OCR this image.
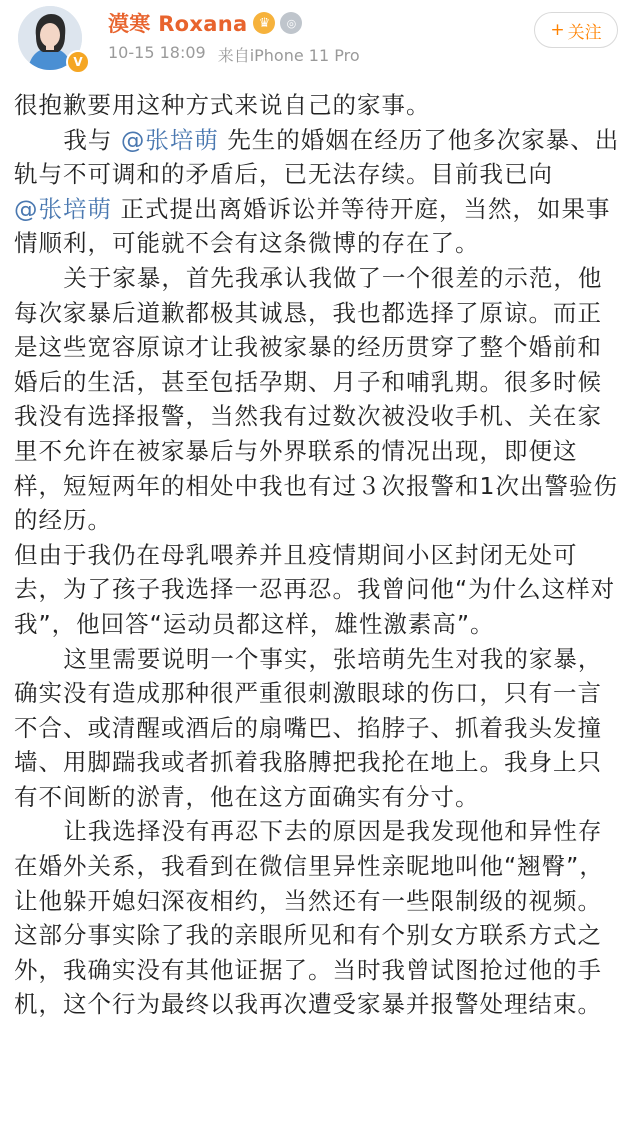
V
漠寒 Roxana ♛	◎
10-15 18:09 来自iPhone 11 Pro
+ 关注

很抱歉要用这种方式来说自己的家事。

我与 @张培萌 先生的婚姻在经历了他多次家暴、出轨与不可调和的矛盾后，已无法存续。目前我已向
@张培萌 正式提出离婚诉讼并等待开庭，当然，如果事情顺利，可能就不会有这条微博的存在了。

关于家暴，首先我承认我做了一个很差的示范，他每次家暴后道歉都极其诚恳，我也都选择了原谅。而正是这些宽容原谅才让我被家暴的经历贯穿了整个婚前和婚后的生活，甚至包括孕期、月子和哺乳期。很多时候我没有选择报警，当然我有过数次被没收手机、关在家里不允许在被家暴后与外界联系的情况出现，即便这样，短短两年的相处中我也有过３次报警和1次出警验伤的经历。

但由于我仍在母乳喂养并且疫情期间小区封闭无处可去，为了孩子我选择一忍再忍。我曾问他“为什么这样对我”，他回答“运动员都这样，雄性激素高”。

这里需要说明一个事实，张培萌先生对我的家暴，确实没有造成那种很严重很刺激眼球的伤口，只有一言不合、或清醒或酒后的扇嘴巴、掐脖子、抓着我头发撞墙、用脚踹我或者抓着我胳膊把我抡在地上。我身上只有不间断的淤青，他在这方面确实有分寸。

让我选择没有再忍下去的原因是我发现他和异性存在婚外关系，我看到在微信里异性亲昵地叫他“翘臀”，让他躲开媳妇深夜相约，当然还有一些限制级的视频。这部分事实除了我的亲眼所见和有个别女方联系方式之外，我确实没有其他证据了。当时我曾试图抢过他的手机，这个行为最终以我再次遭受家暴并报警处理结束。
